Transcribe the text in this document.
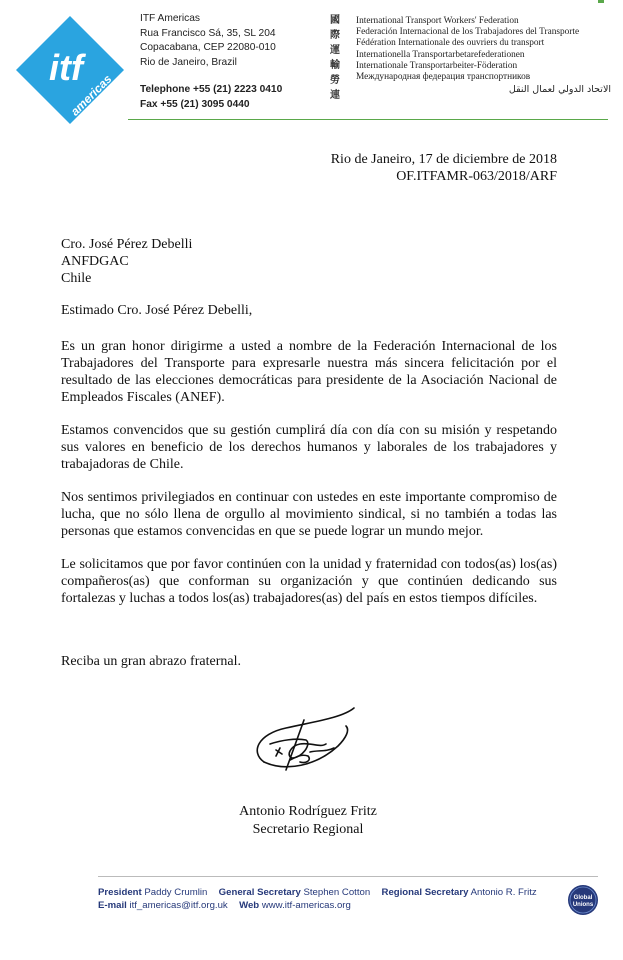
itf
americas
ITF Americas
Rua Francisco Sá, 35, SL 204
Copacabana, CEP 22080-010
Rio de Janeiro, Brazil
Telephone +55 (21) 2223 0410
Fax +55 (21) 3095 0440
國
際
運
輸
勞
連
International Transport Workers' Federation
Federación Internacional de los Trabajadores del Transporte
Fédération Internationale des ouvriers du transport
Internationella Transportarbetarefederationen
Internationale Transportarbeiter-Föderation
Международная федерация транспортников
الاتحاد الدولي لعمال النقل
Rio de Janeiro, 17 de diciembre de 2018
OF.ITFAMR-063/2018/ARF
Cro. José Pérez Debelli
ANFDGAC
Chile
Estimado Cro. José Pérez Debelli,

Es un gran honor dirigirme a usted a nombre de la Federación Internacional de los Trabajadores del Transporte para expresarle nuestra más sincera felicitación por el resultado de las elecciones democráticas para presidente de la Asociación Nacional de Empleados Fiscales (ANEF).

Estamos convencidos que su gestión cumplirá día con día con su misión y respetando sus valores en beneficio de los derechos humanos y laborales de los trabajadores y trabajadoras de Chile.

Nos sentimos privilegiados en continuar con ustedes en este importante compromiso de lucha, que no sólo llena de orgullo al movimiento sindical, si no también a todas las personas que estamos convencidas en que se puede lograr un mundo mejor.

Le solicitamos que por favor continúen con la unidad y fraternidad con todos(as) los(as) compañeros(as) que conforman su organización y que continúen dedicando sus fortalezas y luchas a todos los(as) trabajadores(as) del país en estos tiempos difíciles.

Reciba un gran abrazo fraternal.
Antonio Rodríguez Fritz
Secretario Regional
President Paddy Crumlin General Secretary Stephen Cotton Regional Secretary Antonio R. Fritz
E-mail itf_americas@itf.org.uk Web www.itf-americas.org
Global
Unions
